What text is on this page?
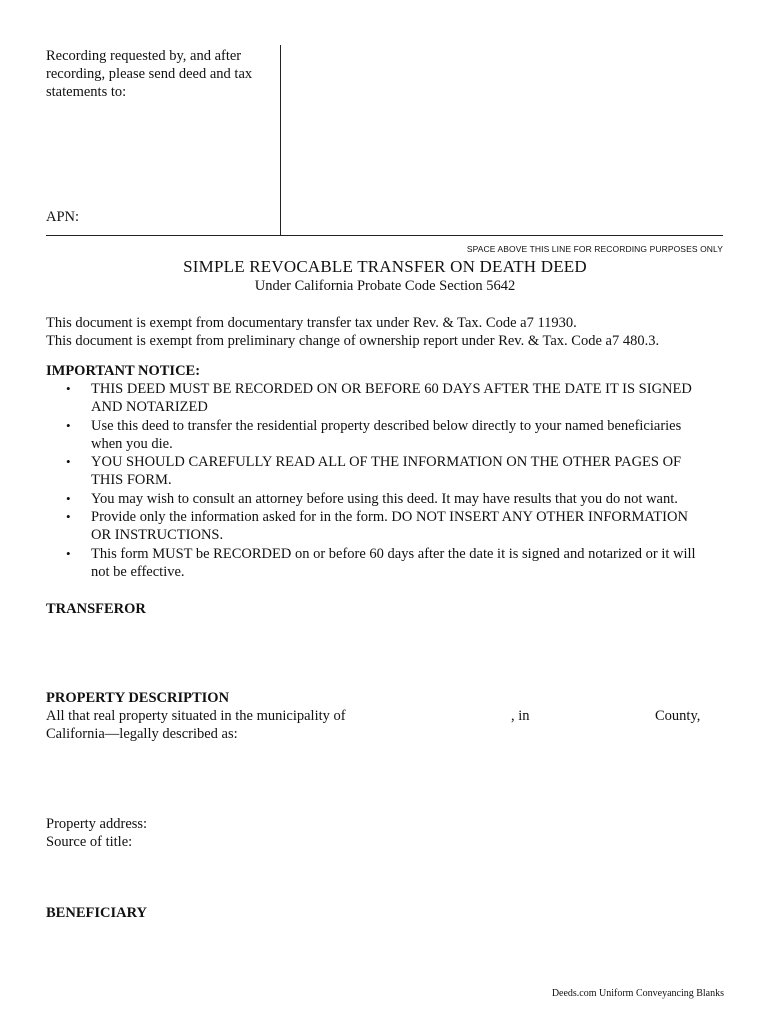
Recording requested by, and after
recording, please send deed and tax
statements to:
APN:
SPACE ABOVE THIS LINE FOR RECORDING PURPOSES ONLY
SIMPLE REVOCABLE TRANSFER ON DEATH DEED
Under California Probate Code Section 5642
This document is exempt from documentary transfer tax under Rev. & Tax. Code a7 11930.
This document is exempt from preliminary change of ownership report under Rev. & Tax. Code a7 480.3.
IMPORTANT NOTICE:
• THIS DEED MUST BE RECORDED ON OR BEFORE 60 DAYS AFTER THE DATE IT IS SIGNED
AND NOTARIZED
• Use this deed to transfer the residential property described below directly to your named beneficiaries
when you die.
• YOU SHOULD CAREFULLY READ ALL OF THE INFORMATION ON THE OTHER PAGES OF
THIS FORM.
• You may wish to consult an attorney before using this deed. It may have results that you do not want.
• Provide only the information asked for in the form. DO NOT INSERT ANY OTHER INFORMATION
OR INSTRUCTIONS.
• This form MUST be RECORDED on or before 60 days after the date it is signed and notarized or it will
not be effective.
TRANSFEROR
PROPERTY DESCRIPTION
All that real property situated in the municipality of	, in	County,
California—legally described as:
Property address:
Source of title:
BENEFICIARY
Deeds.com Uniform Conveyancing Blanks
